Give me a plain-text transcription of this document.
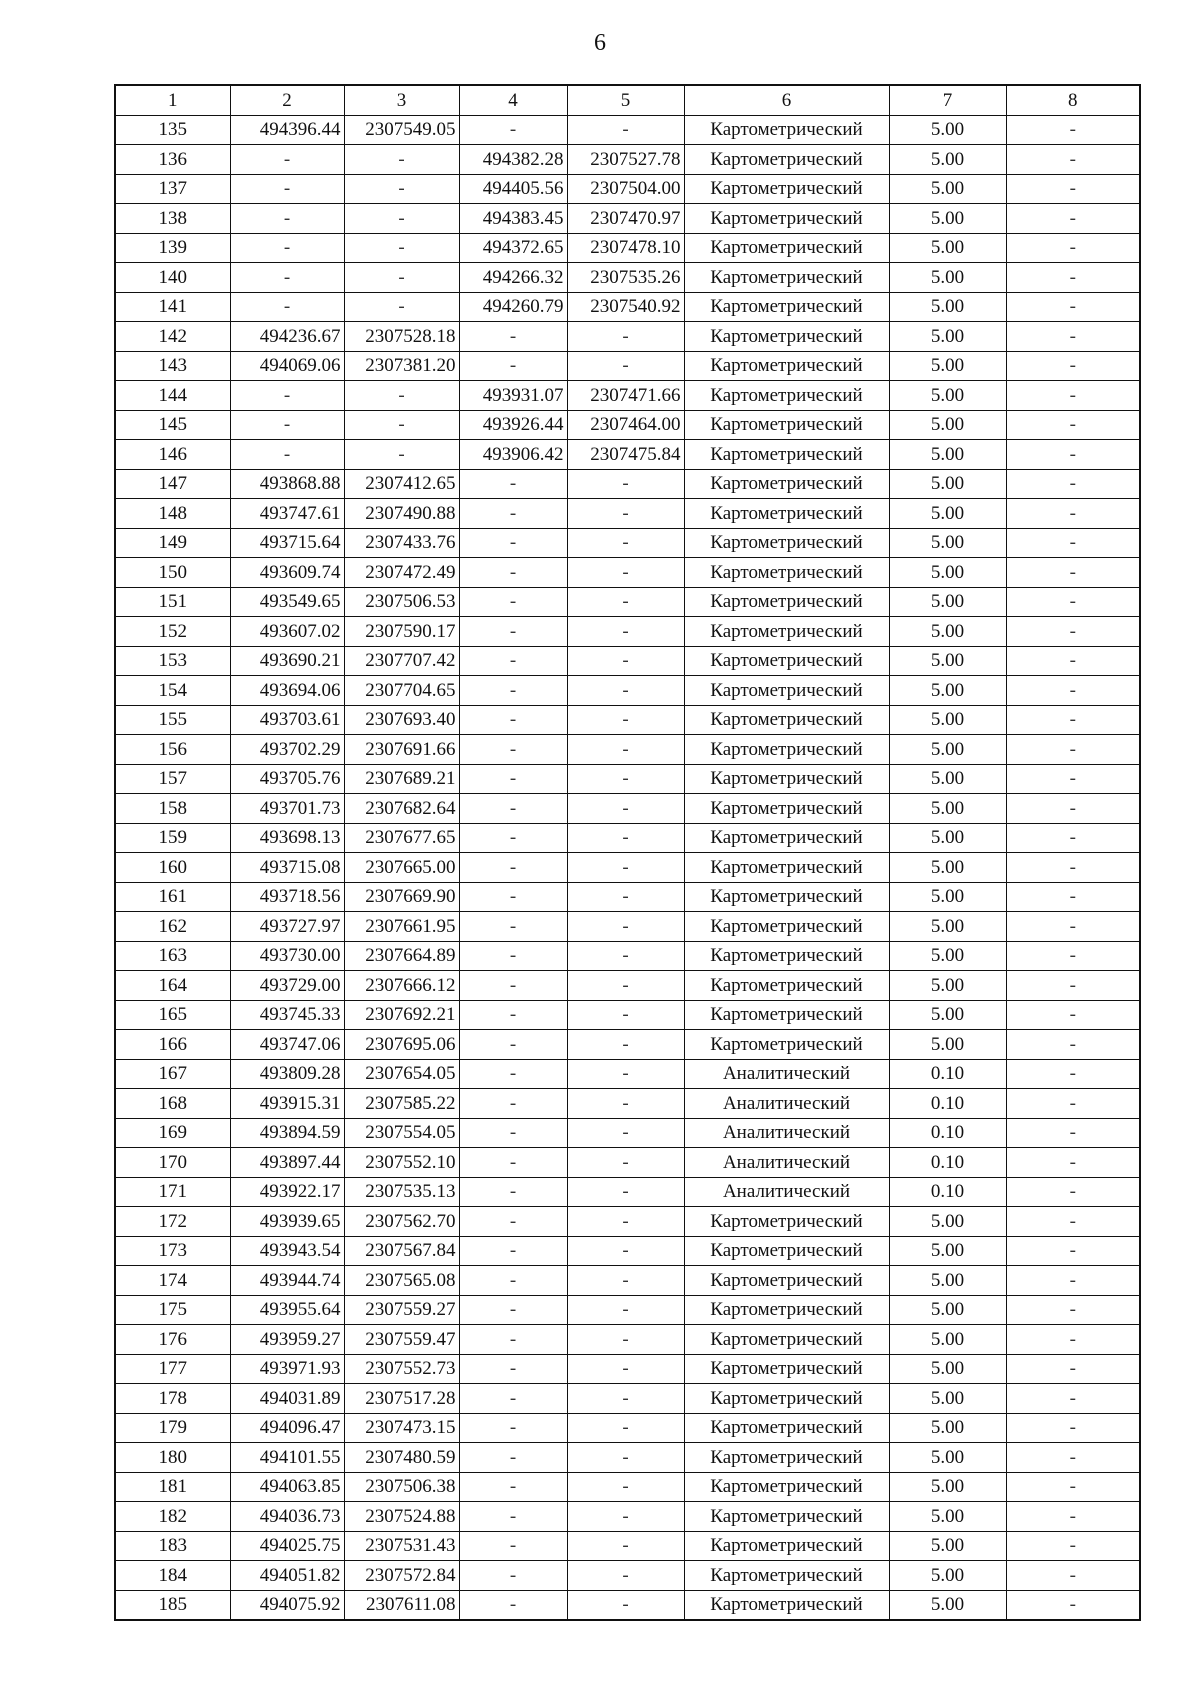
6
1	2	3	4	5	6	7	8
135	494396.44	2307549.05	-	-	Картометрический	5.00	-
136	-	-	494382.28	2307527.78	Картометрический	5.00	-
137	-	-	494405.56	2307504.00	Картометрический	5.00	-
138	-	-	494383.45	2307470.97	Картометрический	5.00	-
139	-	-	494372.65	2307478.10	Картометрический	5.00	-
140	-	-	494266.32	2307535.26	Картометрический	5.00	-
141	-	-	494260.79	2307540.92	Картометрический	5.00	-
142	494236.67	2307528.18	-	-	Картометрический	5.00	-
143	494069.06	2307381.20	-	-	Картометрический	5.00	-
144	-	-	493931.07	2307471.66	Картометрический	5.00	-
145	-	-	493926.44	2307464.00	Картометрический	5.00	-
146	-	-	493906.42	2307475.84	Картометрический	5.00	-
147	493868.88	2307412.65	-	-	Картометрический	5.00	-
148	493747.61	2307490.88	-	-	Картометрический	5.00	-
149	493715.64	2307433.76	-	-	Картометрический	5.00	-
150	493609.74	2307472.49	-	-	Картометрический	5.00	-
151	493549.65	2307506.53	-	-	Картометрический	5.00	-
152	493607.02	2307590.17	-	-	Картометрический	5.00	-
153	493690.21	2307707.42	-	-	Картометрический	5.00	-
154	493694.06	2307704.65	-	-	Картометрический	5.00	-
155	493703.61	2307693.40	-	-	Картометрический	5.00	-
156	493702.29	2307691.66	-	-	Картометрический	5.00	-
157	493705.76	2307689.21	-	-	Картометрический	5.00	-
158	493701.73	2307682.64	-	-	Картометрический	5.00	-
159	493698.13	2307677.65	-	-	Картометрический	5.00	-
160	493715.08	2307665.00	-	-	Картометрический	5.00	-
161	493718.56	2307669.90	-	-	Картометрический	5.00	-
162	493727.97	2307661.95	-	-	Картометрический	5.00	-
163	493730.00	2307664.89	-	-	Картометрический	5.00	-
164	493729.00	2307666.12	-	-	Картометрический	5.00	-
165	493745.33	2307692.21	-	-	Картометрический	5.00	-
166	493747.06	2307695.06	-	-	Картометрический	5.00	-
167	493809.28	2307654.05	-	-	Аналитический	0.10	-
168	493915.31	2307585.22	-	-	Аналитический	0.10	-
169	493894.59	2307554.05	-	-	Аналитический	0.10	-
170	493897.44	2307552.10	-	-	Аналитический	0.10	-
171	493922.17	2307535.13	-	-	Аналитический	0.10	-
172	493939.65	2307562.70	-	-	Картометрический	5.00	-
173	493943.54	2307567.84	-	-	Картометрический	5.00	-
174	493944.74	2307565.08	-	-	Картометрический	5.00	-
175	493955.64	2307559.27	-	-	Картометрический	5.00	-
176	493959.27	2307559.47	-	-	Картометрический	5.00	-
177	493971.93	2307552.73	-	-	Картометрический	5.00	-
178	494031.89	2307517.28	-	-	Картометрический	5.00	-
179	494096.47	2307473.15	-	-	Картометрический	5.00	-
180	494101.55	2307480.59	-	-	Картометрический	5.00	-
181	494063.85	2307506.38	-	-	Картометрический	5.00	-
182	494036.73	2307524.88	-	-	Картометрический	5.00	-
183	494025.75	2307531.43	-	-	Картометрический	5.00	-
184	494051.82	2307572.84	-	-	Картометрический	5.00	-
185	494075.92	2307611.08	-	-	Картометрический	5.00	-
